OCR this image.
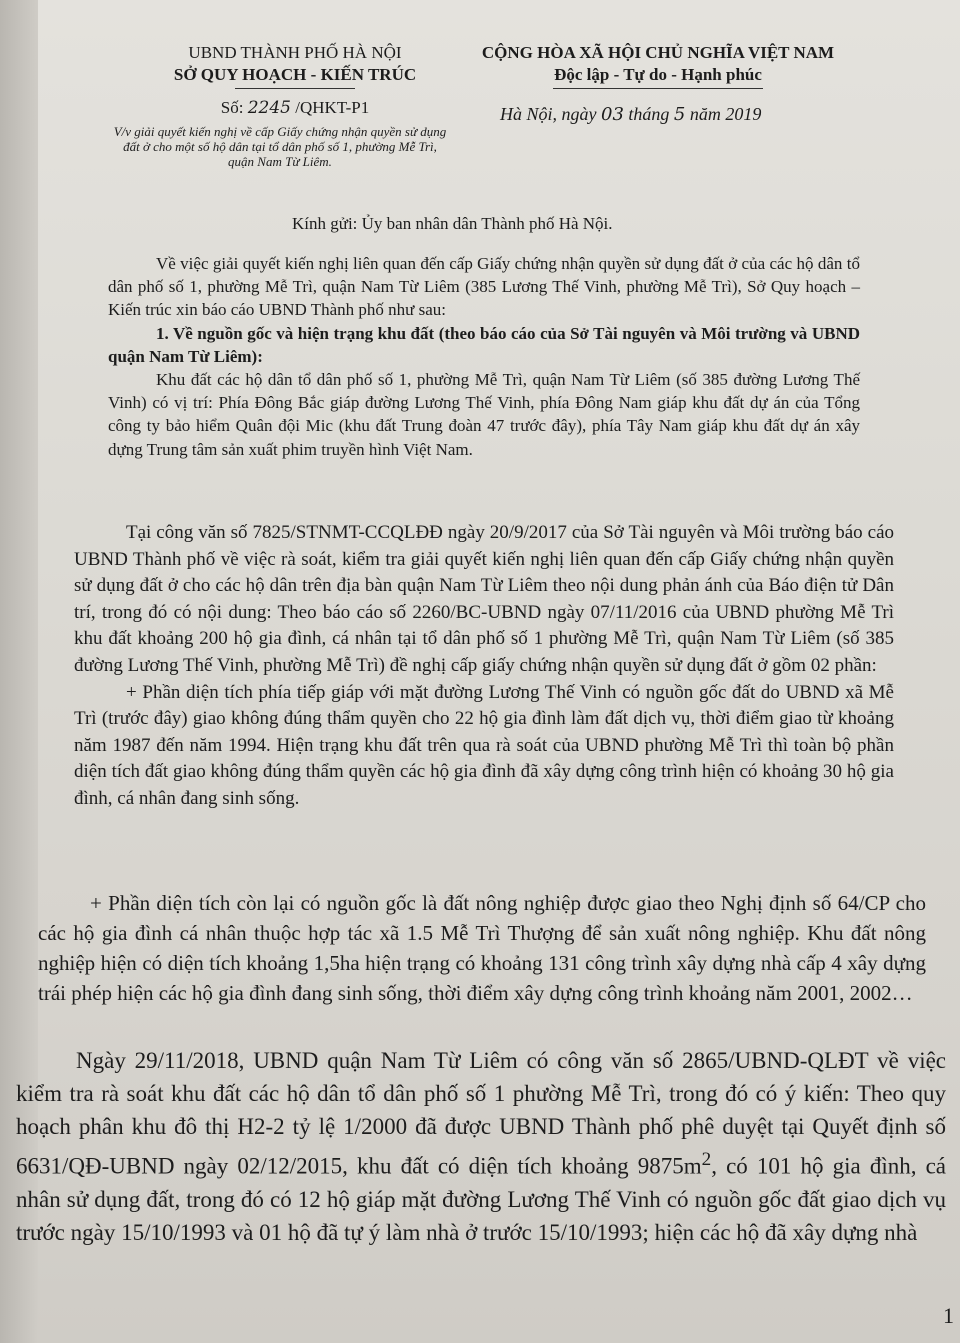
UBND THÀNH PHỐ HÀ NỘI
SỞ QUY HOẠCH - KIẾN TRÚC
Số: 2245 /QHKT-P1
V/v giải quyết kiến nghị về cấp Giấy chứng nhận quyền sử dụng đất ở cho một số hộ dân tại tổ dân phố số 1, phường Mễ Trì, quận Nam Từ Liêm.
CỘNG HÒA XÃ HỘI CHỦ NGHĨA VIỆT NAM
Độc lập - Tự do - Hạnh phúc
Hà Nội, ngày 03 tháng 5 năm 2019
Kính gửi: Ủy ban nhân dân Thành phố Hà Nội.

Về việc giải quyết kiến nghị liên quan đến cấp Giấy chứng nhận quyền sử dụng đất ở của các hộ dân tổ dân phố số 1, phường Mễ Trì, quận Nam Từ Liêm (385 Lương Thế Vinh, phường Mễ Trì), Sở Quy hoạch – Kiến trúc xin báo cáo UBND Thành phố như sau:

1. Về nguồn gốc và hiện trạng khu đất (theo báo cáo của Sở Tài nguyên và Môi trường và UBND quận Nam Từ Liêm):

Khu đất các hộ dân tổ dân phố số 1, phường Mễ Trì, quận Nam Từ Liêm (số 385 đường Lương Thế Vinh) có vị trí: Phía Đông Bắc giáp đường Lương Thế Vinh, phía Đông Nam giáp khu đất dự án của Tổng công ty bảo hiểm Quân đội Mic (khu đất Trung đoàn 47 trước đây), phía Tây Nam giáp khu đất dự án xây dựng Trung tâm sản xuất phim truyền hình Việt Nam.

Tại công văn số 7825/STNMT-CCQLĐĐ ngày 20/9/2017 của Sở Tài nguyên và Môi trường báo cáo UBND Thành phố về việc rà soát, kiểm tra giải quyết kiến nghị liên quan đến cấp Giấy chứng nhận quyền sử dụng đất ở cho các hộ dân trên địa bàn quận Nam Từ Liêm theo nội dung phản ánh của Báo điện tử Dân trí, trong đó có nội dung: Theo báo cáo số 2260/BC-UBND ngày 07/11/2016 của UBND phường Mễ Trì khu đất khoảng 200 hộ gia đình, cá nhân tại tổ dân phố số 1 phường Mễ Trì, quận Nam Từ Liêm (số 385 đường Lương Thế Vinh, phường Mễ Trì) đề nghị cấp giấy chứng nhận quyền sử dụng đất ở gồm 02 phần:

+ Phần diện tích phía tiếp giáp với mặt đường Lương Thế Vinh có nguồn gốc đất do UBND xã Mễ Trì (trước đây) giao không đúng thẩm quyền cho 22 hộ gia đình làm đất dịch vụ, thời điểm giao từ khoảng năm 1987 đến năm 1994. Hiện trạng khu đất trên qua rà soát của UBND phường Mễ Trì thì toàn bộ phần diện tích đất giao không đúng thẩm quyền các hộ gia đình đã xây dựng công trình hiện có khoảng 30 hộ gia đình, cá nhân đang sinh sống.

+ Phần diện tích còn lại có nguồn gốc là đất nông nghiệp được giao theo Nghị định số 64/CP cho các hộ gia đình cá nhân thuộc hợp tác xã 1.5 Mễ Trì Thượng để sản xuất nông nghiệp. Khu đất nông nghiệp hiện có diện tích khoảng 1,5ha hiện trạng có khoảng 131 công trình xây dựng nhà cấp 4 xây dựng trái phép hiện các hộ gia đình đang sinh sống, thời điểm xây dựng công trình khoảng năm 2001, 2002…

Ngày 29/11/2018, UBND quận Nam Từ Liêm có công văn số 2865/UBND-QLĐT về việc kiểm tra rà soát khu đất các hộ dân tổ dân phố số 1 phường Mễ Trì, trong đó có ý kiến: Theo quy hoạch phân khu đô thị H2-2 tỷ lệ 1/2000 đã được UBND Thành phố phê duyệt tại Quyết định số 6631/QĐ-UBND ngày 02/12/2015, khu đất có diện tích khoảng $9875m^2$, có 101 hộ gia đình, cá nhân sử dụng đất, trong đó có 12 hộ giáp mặt đường Lương Thế Vinh có nguồn gốc đất giao dịch vụ trước ngày 15/10/1993 và 01 hộ đã tự ý làm nhà ở trước 15/10/1993; hiện các hộ đã xây dựng nhà

1
